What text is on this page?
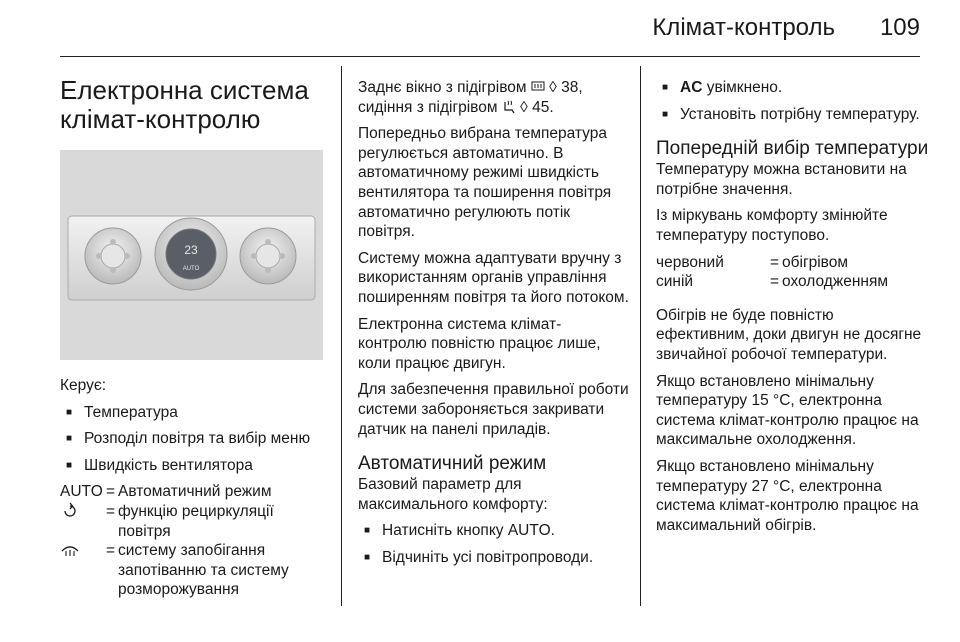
Клімат-контроль 109
Електронна система клімат-контролю
23
AUTO

Керує:

■ Температура
■ Розподіл повітря та вибір меню
■ Швидкість вентилятора
AUTO = Автоматичний режим
= функцію рециркуляції повітря
= систему запобігання запотіванню та систему розморожування

Заднє вікно з підігрівом ◊ 38,
сидіння з підігрівом ◊ 45.

Попередньо вибрана температура регулюється автоматично. В автоматичному режимі швидкість вентилятора та поширення повітря автоматично регулюють потік повітря.

Систему можна адаптувати вручну з використанням органів управління поширенням повітря та його потоком.

Електронна система клімат-контролю повністю працює лише, коли працює двигун.

Для забезпечення правильної роботи системи забороняється закривати датчик на панелі приладів.

Автоматичний режим

Базовий параметр для максимального комфорту:

■ Натисніть кнопку AUTO.
■ Відчиніть усі повітропроводи.
■ AC увімкнено.
■ Установіть потрібну температуру.
Попередній вибір температури

Температуру можна встановити на потрібне значення.

Із міркувань комфорту змінюйте температуру поступово.

червоний	= обігрівом
синій	= охолодженням

Обігрів не буде повністю ефективним, доки двигун не досягне звичайної робочої температури.

Якщо встановлено мінімальну температуру 15 °C, електронна система клімат-контролю працює на максимальне охолодження.

Якщо встановлено мінімальну температуру 27 °C, електронна система клімат-контролю працює на максимальний обігрів.
